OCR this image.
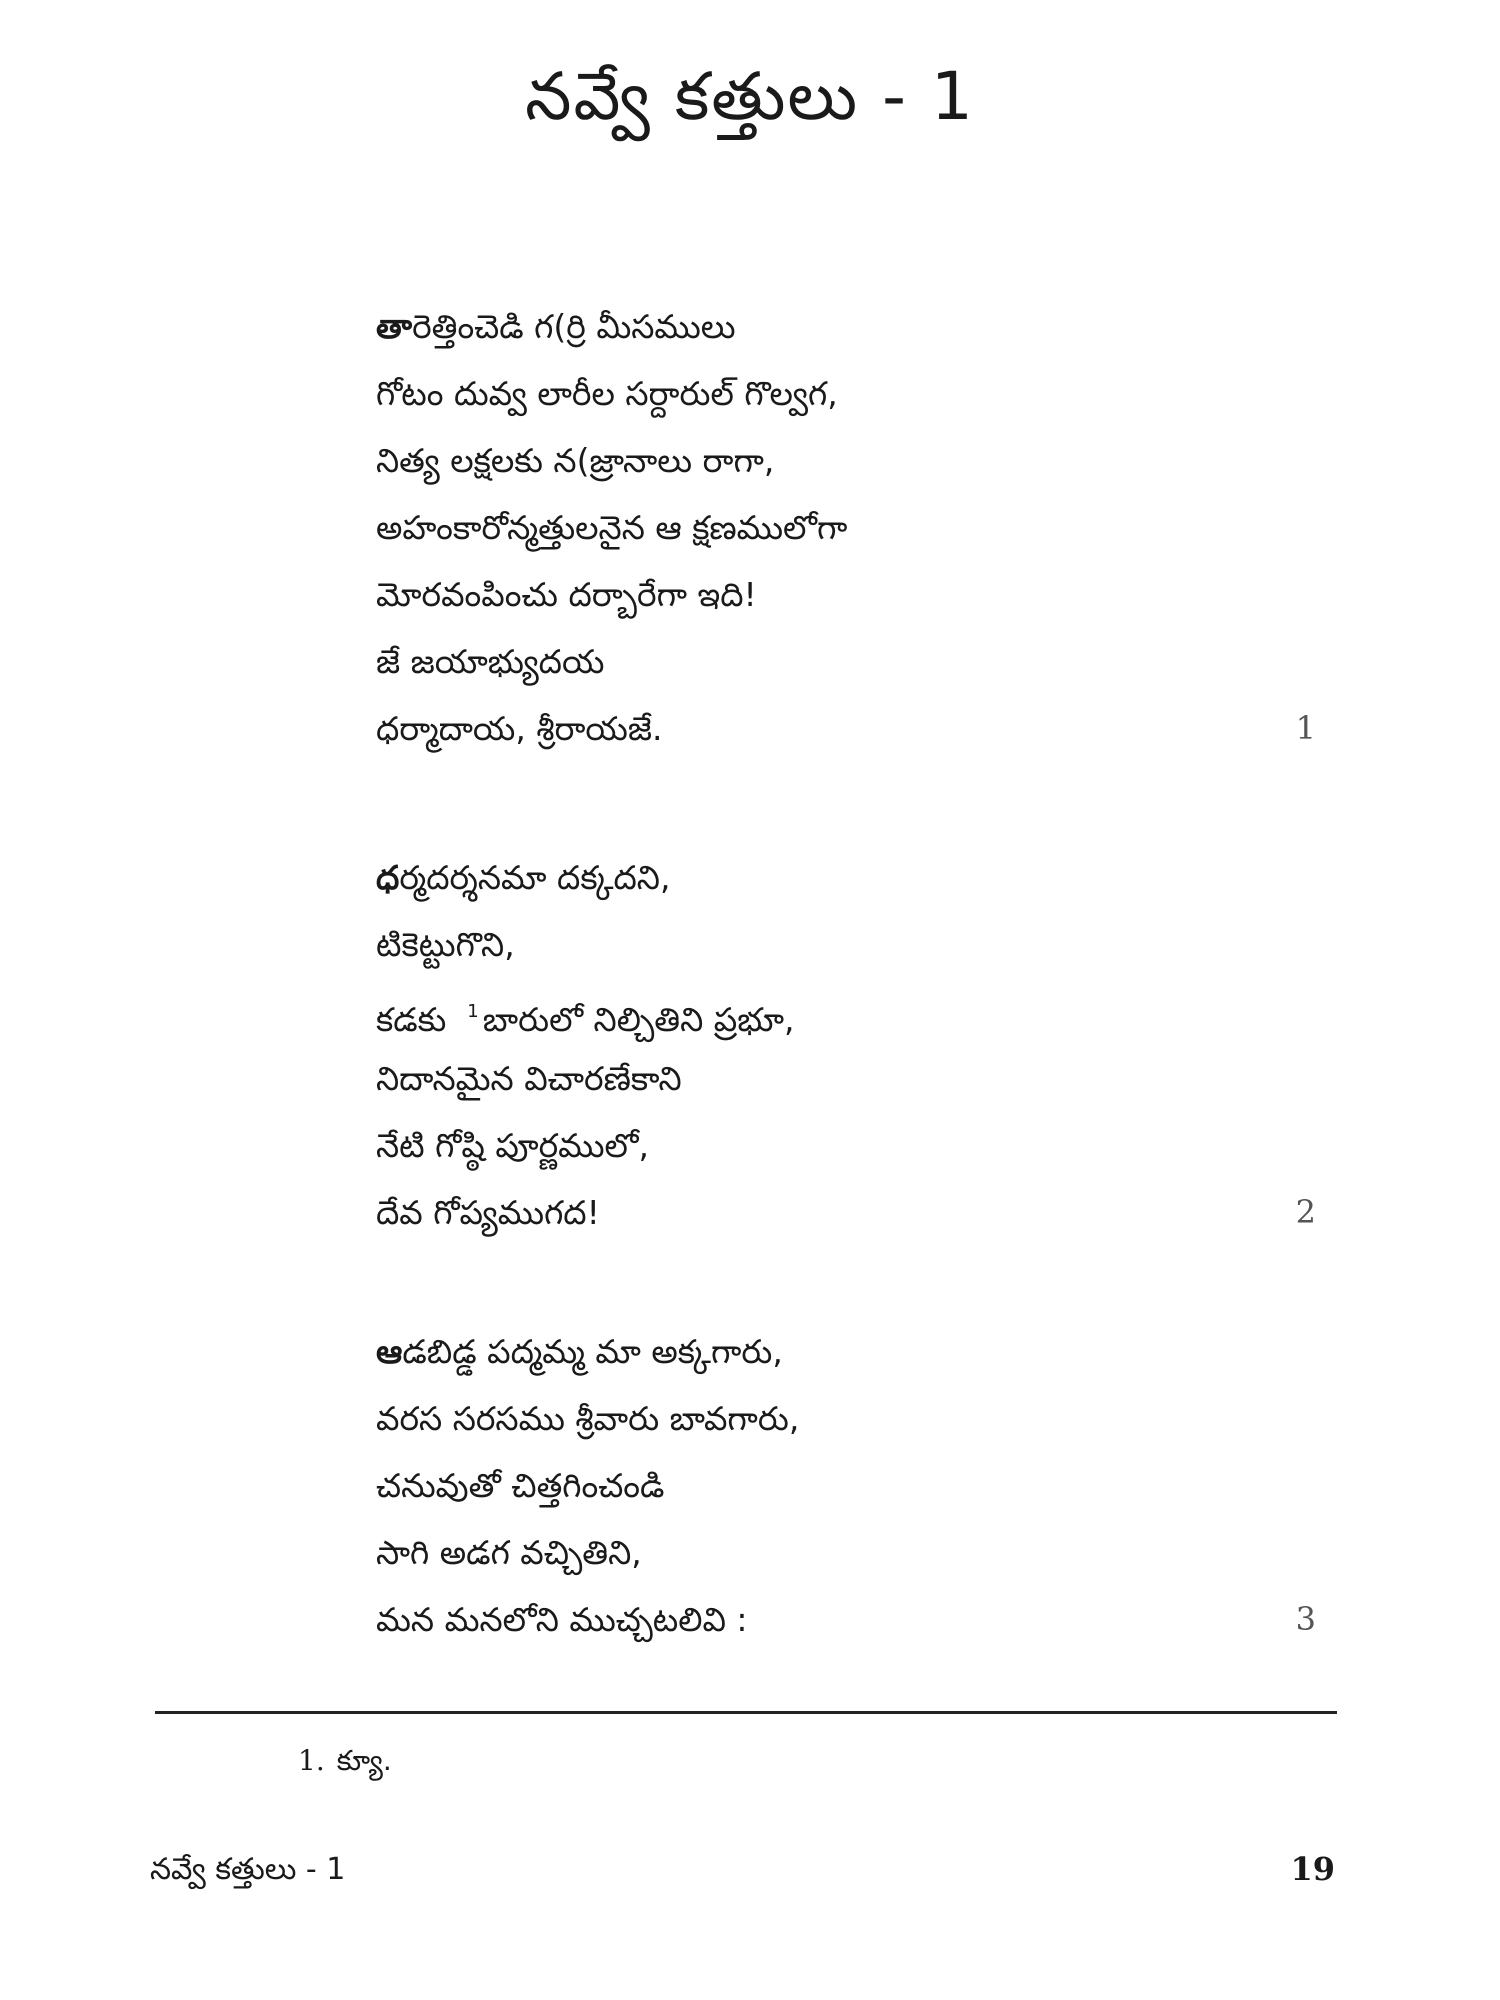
నవ్వే కత్తులు - 1
తారెత్తించెడి గ(ర్రి మీసములు
గోటం దువ్వ లారీల సర్దారుల్ గొల్వగ,
నిత్య లక్షలకు న(జ్రానాలు రాగా,
అహంకారోన్మత్తులనైన ఆ క్షణములోగా
మోరవంపించు దర్బారేగా ఇది!
జే జయాభ్యుదయ
ధర్మాదాయ, శ్రీరాయజే.	1
ధర్మదర్శనమా దక్కదని,
టికెట్టుగొని,
కడకు $^1$ బారులో నిల్చితిని ప్రభూ,
నిదానమైన విచారణేకాని
నేటి గోష్ఠి పూర్ణములో,
దేవ గోప్యముగద!	2
ఆడబిడ్డ పద్మమ్మ మా అక్కగారు,
వరస సరసము శ్రీవారు బావగారు,
చనువుతో చిత్తగించండి
సాగి అడగ వచ్చితిని,
మన మనలోని ముచ్చటలివి :	3
1. క్యూ.
నవ్వే కత్తులు - 1	19
